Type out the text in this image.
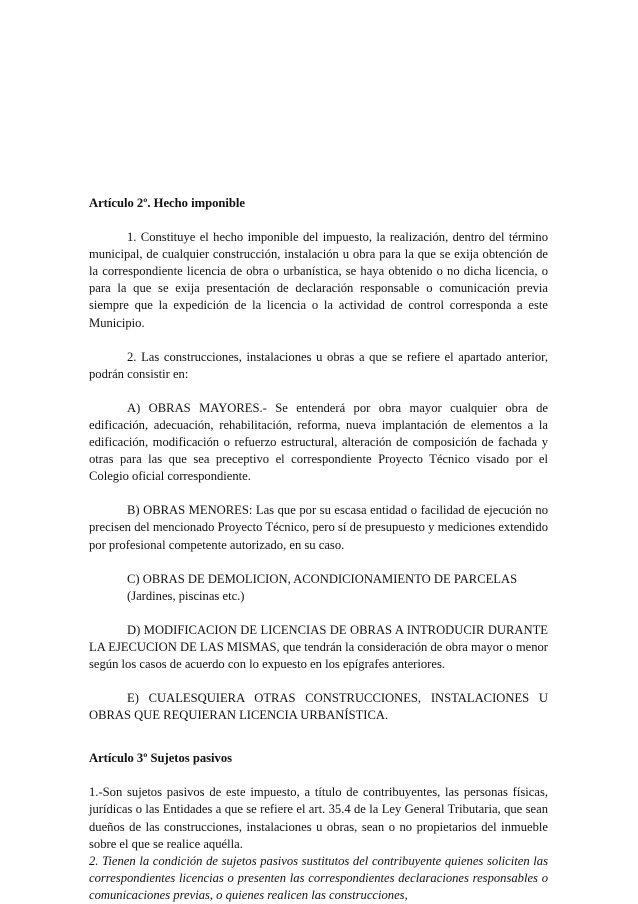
Artículo 2º. Hecho imponible

1. Constituye el hecho imponible del impuesto, la realización, dentro del término municipal, de cualquier construcción, instalación u obra para la que se exija obtención de la correspondiente licencia de obra o urbanística, se haya obtenido o no dicha licencia, o para la que se exija presentación de declaración responsable o comunicación previa siempre que la expedición de la licencia o la actividad de control corresponda a este Municipio.

2. Las construcciones, instalaciones u obras a que se refiere el apartado anterior, podrán consistir en:

A) OBRAS MAYORES.- Se entenderá por obra mayor cualquier obra de edificación, adecuación, rehabilitación, reforma, nueva implantación de elementos a la edificación, modificación o refuerzo estructural, alteración de composición de fachada y otras para las que sea preceptivo el correspondiente Proyecto Técnico visado por el Colegio oficial correspondiente.

B) OBRAS MENORES: Las que por su escasa entidad o facilidad de ejecución no precisen del mencionado Proyecto Técnico, pero sí de presupuesto y mediciones extendido por profesional competente autorizado, en su caso.

C) OBRAS DE DEMOLICION, ACONDICIONAMIENTO DE PARCELAS

(Jardines, piscinas etc.)

D) MODIFICACION DE LICENCIAS DE OBRAS A INTRODUCIR DURANTE LA EJECUCION DE LAS MISMAS, que tendrán la consideración de obra mayor o menor según los casos de acuerdo con lo expuesto en los epígrafes anteriores.

E) CUALESQUIERA OTRAS CONSTRUCCIONES, INSTALACIONES U OBRAS QUE REQUIERAN LICENCIA URBANÍSTICA.

Artículo 3º Sujetos pasivos

1.-Son sujetos pasivos de este impuesto, a título de contribuyentes, las personas físicas, jurídicas o las Entidades a que se refiere el art. 35.4 de la Ley General Tributaria, que sean dueños de las construcciones, instalaciones u obras, sean o no propietarios del inmueble sobre el que se realice aquélla.

2. Tienen la condición de sujetos pasivos sustitutos del contribuyente quienes soliciten las correspondientes licencias o presenten las correspondientes declaraciones responsables o comunicaciones previas, o quienes realicen las construcciones,
